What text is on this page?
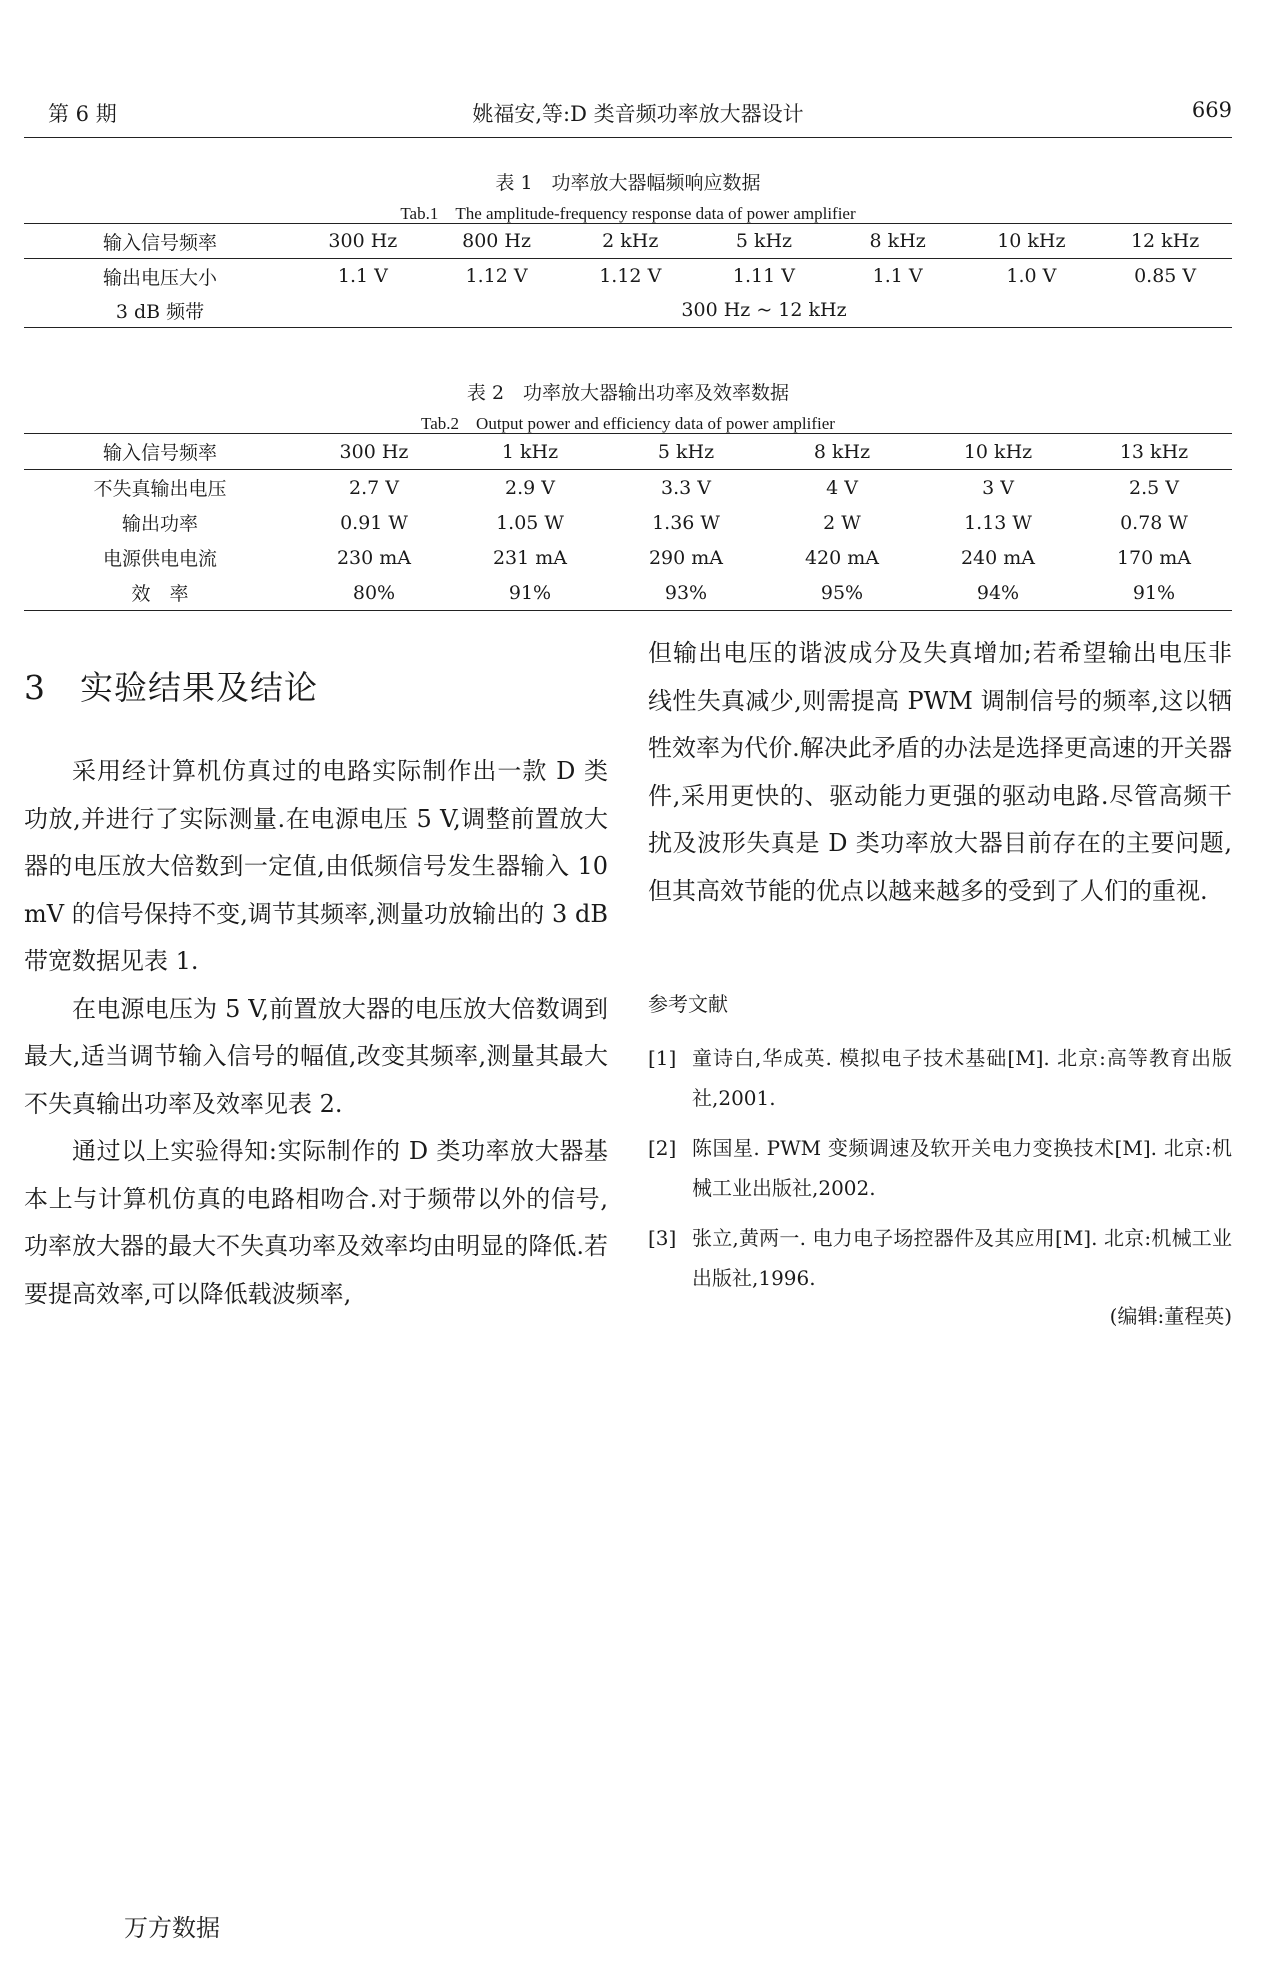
第 6 期	姚福安,等:D 类音频功率放大器设计	669
表 1　功率放大器幅频响应数据
Tab.1　The amplitude-frequency response data of power amplifier
输入信号频率	300 Hz	800 Hz	2 kHz	5 kHz	8 kHz	10 kHz	12 kHz
输出电压大小	1.1 V	1.12 V	1.12 V	1.11 V	1.1 V	1.0 V	0.85 V
3 dB 频带	300 Hz ~ 12 kHz						
表 2　功率放大器输出功率及效率数据
Tab.2　Output power and efficiency data of power amplifier
输入信号频率	300 Hz	1 kHz	5 kHz	8 kHz	10 kHz	13 kHz
不失真输出电压	2.7 V	2.9 V	3.3 V	4 V	3 V	2.5 V
输出功率	0.91 W	1.05 W	1.36 W	2 W	1.13 W	0.78 W
电源供电电流	230 mA	231 mA	290 mA	420 mA	240 mA	170 mA
效　率	80%	91%	93%	95%	94%	91%
3　实验结果及结论

采用经计算机仿真过的电路实际制作出一款 D 类功放,并进行了实际测量.在电源电压 5 V,调整前置放大器的电压放大倍数到一定值,由低频信号发生器输入 10 mV 的信号保持不变,调节其频率,测量功放输出的 3 dB 带宽数据见表 1.

在电源电压为 5 V,前置放大器的电压放大倍数调到最大,适当调节输入信号的幅值,改变其频率,测量其最大不失真输出功率及效率见表 2.

通过以上实验得知:实际制作的 D 类功率放大器基本上与计算机仿真的电路相吻合.对于频带以外的信号,功率放大器的最大不失真功率及效率均由明显的降低.若要提高效率,可以降低载波频率,

但输出电压的谐波成分及失真增加;若希望输出电压非线性失真减少,则需提高 PWM 调制信号的频率,这以牺牲效率为代价.解决此矛盾的办法是选择更高速的开关器件,采用更快的、驱动能力更强的驱动电路.尽管高频干扰及波形失真是 D 类功率放大器目前存在的主要问题,但其高效节能的优点以越来越多的受到了人们的重视.

参考文献
[1] 童诗白,华成英. 模拟电子技术基础[M]. 北京:高等教育出版社,2001.
[2] 陈国星. PWM 变频调速及软开关电力变换技术[M]. 北京:机械工业出版社,2002.
[3] 张立,黄两一. 电力电子场控器件及其应用[M]. 北京:机械工业出版社,1996.
(编辑:董程英)
万方数据
